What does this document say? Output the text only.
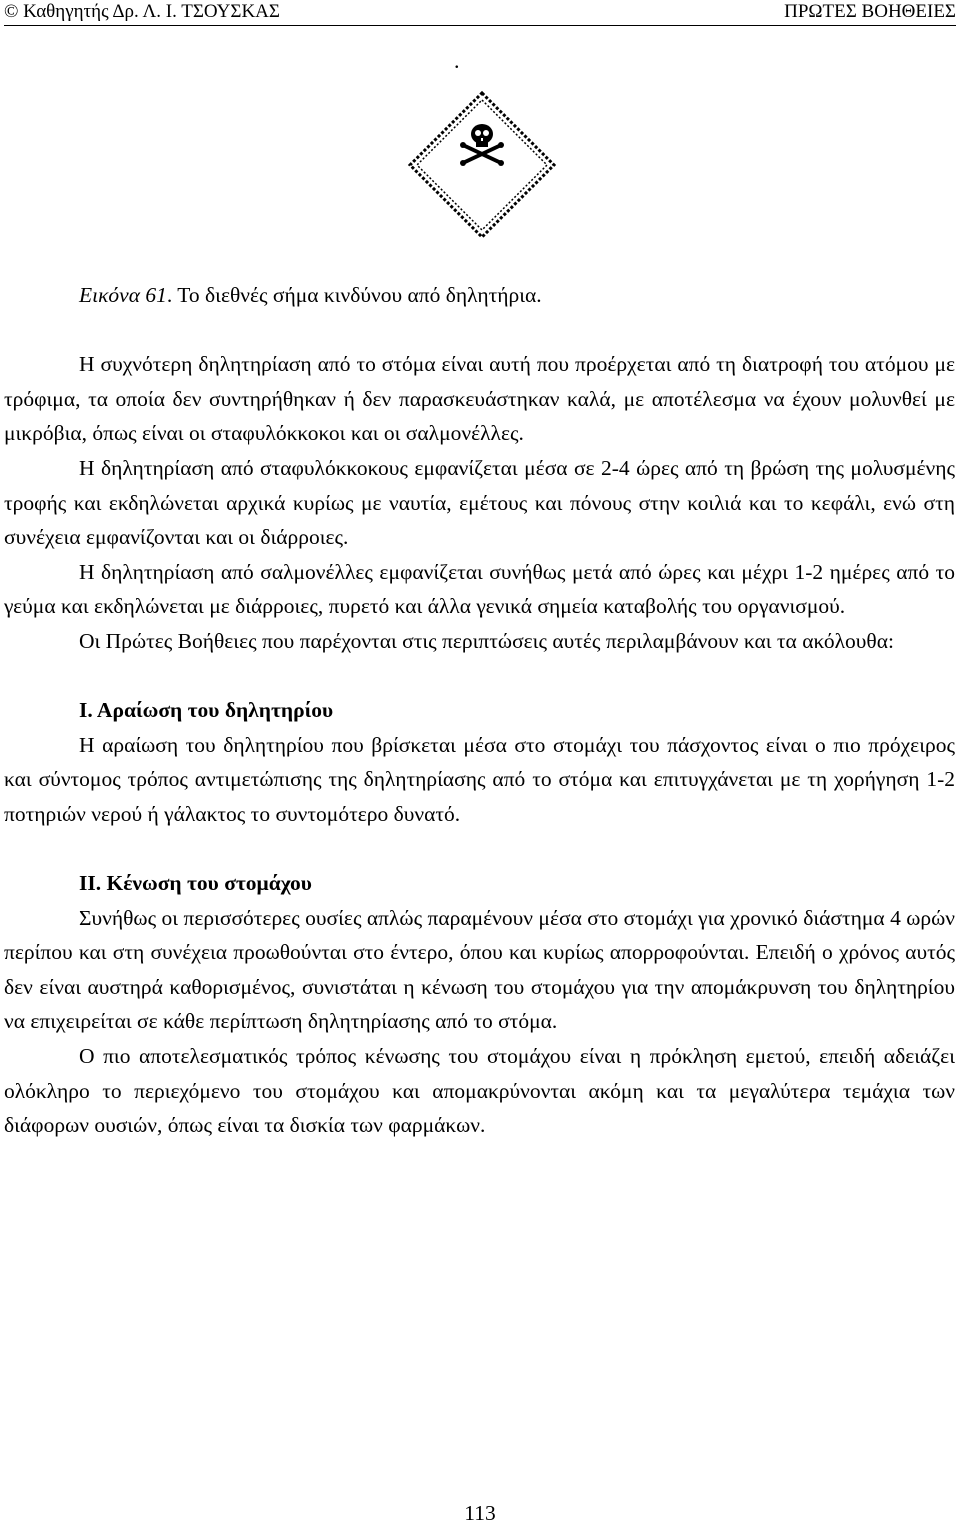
© Καθηγητής Δρ. Λ. Ι. ΤΣΟΥΣΚΑΣ	ΠΡΩΤΕΣ ΒΟΗΘΕΙΕΣ
.

Εικόνα 61. Το διεθνές σήμα κινδύνου από δηλητήρια.

Η συχνότερη δηλητηρίαση από το στόμα είναι αυτή που προέρχεται από τη διατροφή του ατόμου με τρόφιμα, τα οποία δεν συντηρήθηκαν ή δεν παρασκευάστηκαν καλά, με αποτέλεσμα να έχουν μολυνθεί με μικρόβια, όπως είναι οι σταφυλόκκοκοι και οι σαλμονέλλες.

Η δηλητηρίαση από σταφυλόκκοκους εμφανίζεται μέσα σε 2-4 ώρες από τη βρώση της μολυσμένης τροφής και εκδηλώνεται αρχικά κυρίως με ναυτία, εμέτους και πόνους στην κοιλιά και το κεφάλι, ενώ στη συνέχεια εμφανίζονται και οι διάρροιες.

Η δηλητηρίαση από σαλμονέλλες εμφανίζεται συνήθως μετά από ώρες και μέχρι 1-2 ημέρες από το γεύμα και εκδηλώνεται με διάρροιες, πυρετό και άλλα γενικά σημεία καταβολής του οργανισμού.

Οι Πρώτες Βοήθειες που παρέχονται στις περιπτώσεις αυτές περιλαμβάνουν και τα ακόλουθα:

Ι. Αραίωση του δηλητηρίου

Η αραίωση του δηλητηρίου που βρίσκεται μέσα στο στομάχι του πάσχοντος είναι ο πιο πρόχειρος και σύντομος τρόπος αντιμετώπισης της δηλητηρίασης από το στόμα και επιτυγχάνεται με τη χορήγηση 1-2 ποτηριών νερού ή γάλακτος το συντομότερο δυνατό.

ΙΙ. Κένωση του στομάχου

Συνήθως οι περισσότερες ουσίες απλώς παραμένουν μέσα στο στομάχι για χρονικό διάστημα 4 ωρών περίπου και στη συνέχεια προωθούνται στο έντερο, όπου και κυρίως απορροφούνται. Επειδή ο χρόνος αυτός δεν είναι αυστηρά καθορισμένος, συνιστάται η κένωση του στομάχου για την απομάκρυνση του δηλητηρίου να επιχειρείται σε κάθε περίπτωση δηλητηρίασης από το στόμα.

Ο πιο αποτελεσματικός τρόπος κένωσης του στομάχου είναι η πρόκληση εμετού, επειδή αδειάζει ολόκληρο το περιεχόμενο του στομάχου και απομακρύνονται ακόμη και τα μεγαλύτερα τεμάχια των διάφορων ουσιών, όπως είναι τα δισκία των φαρμάκων.

113
